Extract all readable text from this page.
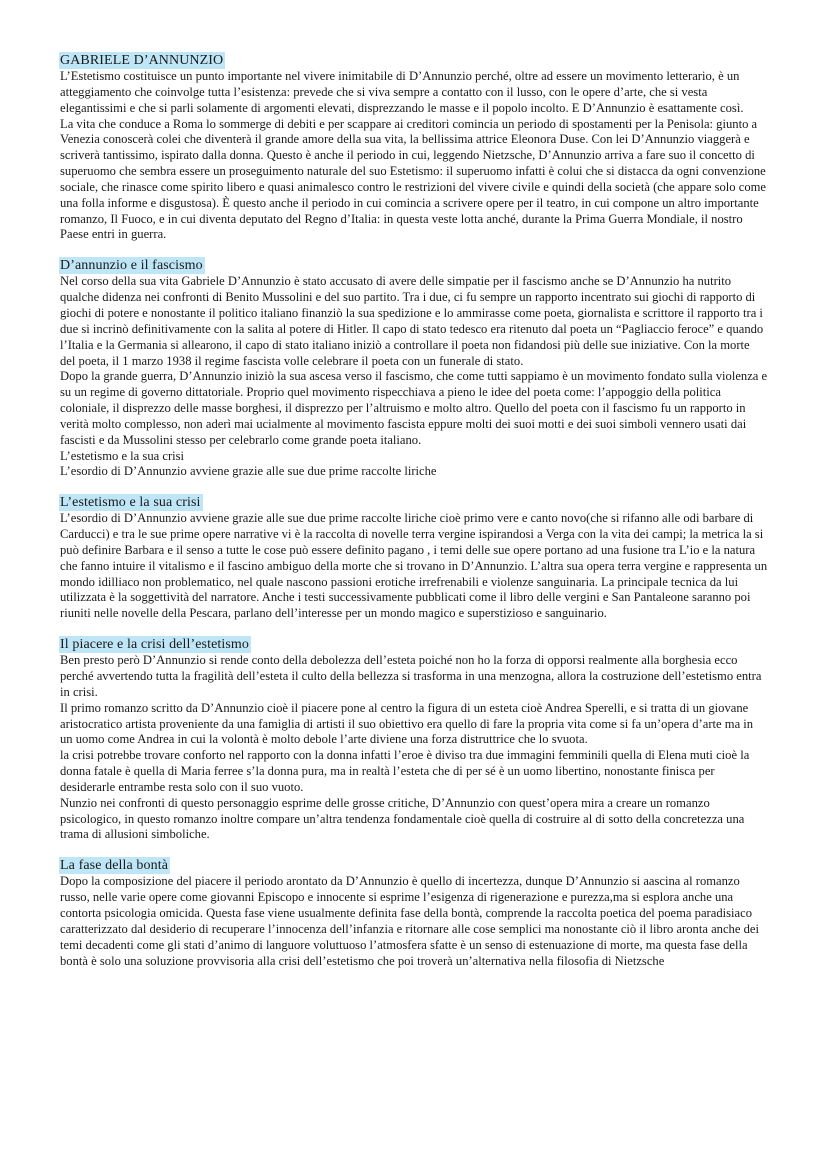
GABRIELE D’ANNUNZIO

L’Estetismo costituisce un punto importante nel vivere inimitabile di D’Annunzio perché, oltre ad essere un movimento letterario, è un atteggiamento che coinvolge tutta l’esistenza: prevede che si viva sempre a contatto con il lusso, con le opere d’arte, che si vesta elegantissimi e che si parli solamente di argomenti elevati, disprezzando le masse e il popolo incolto. E D’Annunzio è esattamente così.

La vita che conduce a Roma lo sommerge di debiti e per scappare ai creditori comincia un periodo di spostamenti per la Penisola: giunto a Venezia conoscerà colei che diventerà il grande amore della sua vita, la bellissima attrice Eleonora Duse. Con lei D’Annunzio viaggerà e scriverà tantissimo, ispirato dalla donna. Questo è anche il periodo in cui, leggendo Nietzsche, D’Annunzio arriva a fare suo il concetto di superuomo che sembra essere un proseguimento naturale del suo Estetismo: il superuomo infatti è colui che si distacca da ogni convenzione sociale, che rinasce come spirito libero e quasi animalesco contro le restrizioni del vivere civile e quindi della società (che appare solo come una folla informe e disgustosa). È questo anche il periodo in cui comincia a scrivere opere per il teatro, in cui compone un altro importante romanzo, Il Fuoco, e in cui diventa deputato del Regno d’Italia: in questa veste lotta anché, durante la Prima Guerra Mondiale, il nostro Paese entri in guerra.

D’annunzio e il fascismo

Nel corso della sua vita Gabriele D’Annunzio è stato accusato di avere delle simpatie per il fascismo anche se D’Annunzio ha nutrito qualche didenza nei confronti di Benito Mussolini e del suo partito. Tra i due, ci fu sempre un rapporto incentrato sui giochi di rapporto di giochi di potere e nonostante il politico italiano finanziò la sua spedizione e lo ammirasse come poeta, giornalista e scrittore il rapporto tra i due si incrinò definitivamente con la salita al potere di Hitler. Il capo di stato tedesco era ritenuto dal poeta un “Pagliaccio feroce” e quando l’Italia e la Germania si allearono, il capo di stato italiano iniziò a controllare il poeta non fidandosi più delle sue iniziative. Con la morte del poeta, il 1 marzo 1938 il regime fascista volle celebrare il poeta con un funerale di stato.

Dopo la grande guerra, D’Annunzio iniziò la sua ascesa verso il fascismo, che come tutti sappiamo è un movimento fondato sulla violenza e su un regime di governo dittatoriale. Proprio quel movimento rispecchiava a pieno le idee del poeta come: l’appoggio della politica coloniale, il disprezzo delle masse borghesi, il disprezzo per l’altruismo e molto altro. Quello del poeta con il fascismo fu un rapporto in verità molto complesso, non aderì mai ucialmente al movimento fascista eppure molti dei suoi motti e dei suoi simboli vennero usati dai fascisti e da Mussolini stesso per celebrarlo come grande poeta italiano.

L’estetismo e la sua crisi

L’esordio di D’Annunzio avviene grazie alle sue due prime raccolte liriche

L’estetismo e la sua crisi

L’esordio di D’Annunzio avviene grazie alle sue due prime raccolte liriche cioè primo vere e canto novo(che si rifanno alle odi barbare di Carducci) e tra le sue prime opere narrative vi è la raccolta di novelle terra vergine ispirandosi a Verga con la vita dei campi; la metrica la si può definire Barbara e il senso a tutte le cose può essere definito pagano , i temi delle sue opere portano ad una fusione tra L’io e la natura che fanno intuire il vitalismo e il fascino ambiguo della morte che si trovano in D’Annunzio. L’altra sua opera terra vergine e rappresenta un mondo idilliaco non problematico, nel quale nascono passioni erotiche irrefrenabili e violenze sanguinaria. La principale tecnica da lui utilizzata è la soggettività del narratore. Anche i testi successivamente pubblicati come il libro delle vergini e San Pantaleone saranno poi riuniti nelle novelle della Pescara, parlano dell’interesse per un mondo magico e superstizioso e sanguinario.

Il piacere e la crisi dell’estetismo

Ben presto però D’Annunzio si rende conto della debolezza dell’esteta poiché non ho la forza di opporsi realmente alla borghesia ecco perché avvertendo tutta la fragilità dell’esteta il culto della bellezza si trasforma in una menzogna, allora la costruzione dell’estetismo entra in crisi.

Il primo romanzo scritto da D’Annunzio cioè il piacere pone al centro la figura di un esteta cioè Andrea Sperelli, e si tratta di un giovane aristocratico artista proveniente da una famiglia di artisti il suo obiettivo era quello di fare la propria vita come si fa un’opera d’arte ma in un uomo come Andrea in cui la volontà è molto debole l’arte diviene una forza distruttrice che lo svuota.

la crisi potrebbe trovare conforto nel rapporto con la donna infatti l’eroe è diviso tra due immagini femminili quella di Elena muti cioè la donna fatale è quella di Maria ferree s’la donna pura, ma in realtà l’esteta che di per sé è un uomo libertino, nonostante finisca per desiderarle entrambe resta solo con il suo vuoto.

Nunzio nei confronti di questo personaggio esprime delle grosse critiche, D’Annunzio con quest’opera mira a creare un romanzo psicologico, in questo romanzo inoltre compare un’altra tendenza fondamentale cioè quella di costruire al di sotto della concretezza una trama di allusioni simboliche.

La fase della bontà

Dopo la composizione del piacere il periodo arontato da D’Annunzio è quello di incertezza, dunque D’Annunzio si aascina al romanzo russo, nelle varie opere come giovanni Episcopo e innocente si esprime l’esigenza di rigenerazione e purezza,ma si esplora anche una contorta psicologia omicida. Questa fase viene usualmente definita fase della bontà, comprende la raccolta poetica del poema paradisiaco caratterizzato dal desiderio di recuperare l’innocenza dell’infanzia e ritornare alle cose semplici ma nonostante ciò il libro aronta anche dei temi decadenti come gli stati d’animo di languore voluttuoso l’atmosfera sfatte è un senso di estenuazione di morte, ma questa fase della bontà è solo una soluzione provvisoria alla crisi dell’estetismo che poi troverà un’alternativa nella filosofia di Nietzsche
